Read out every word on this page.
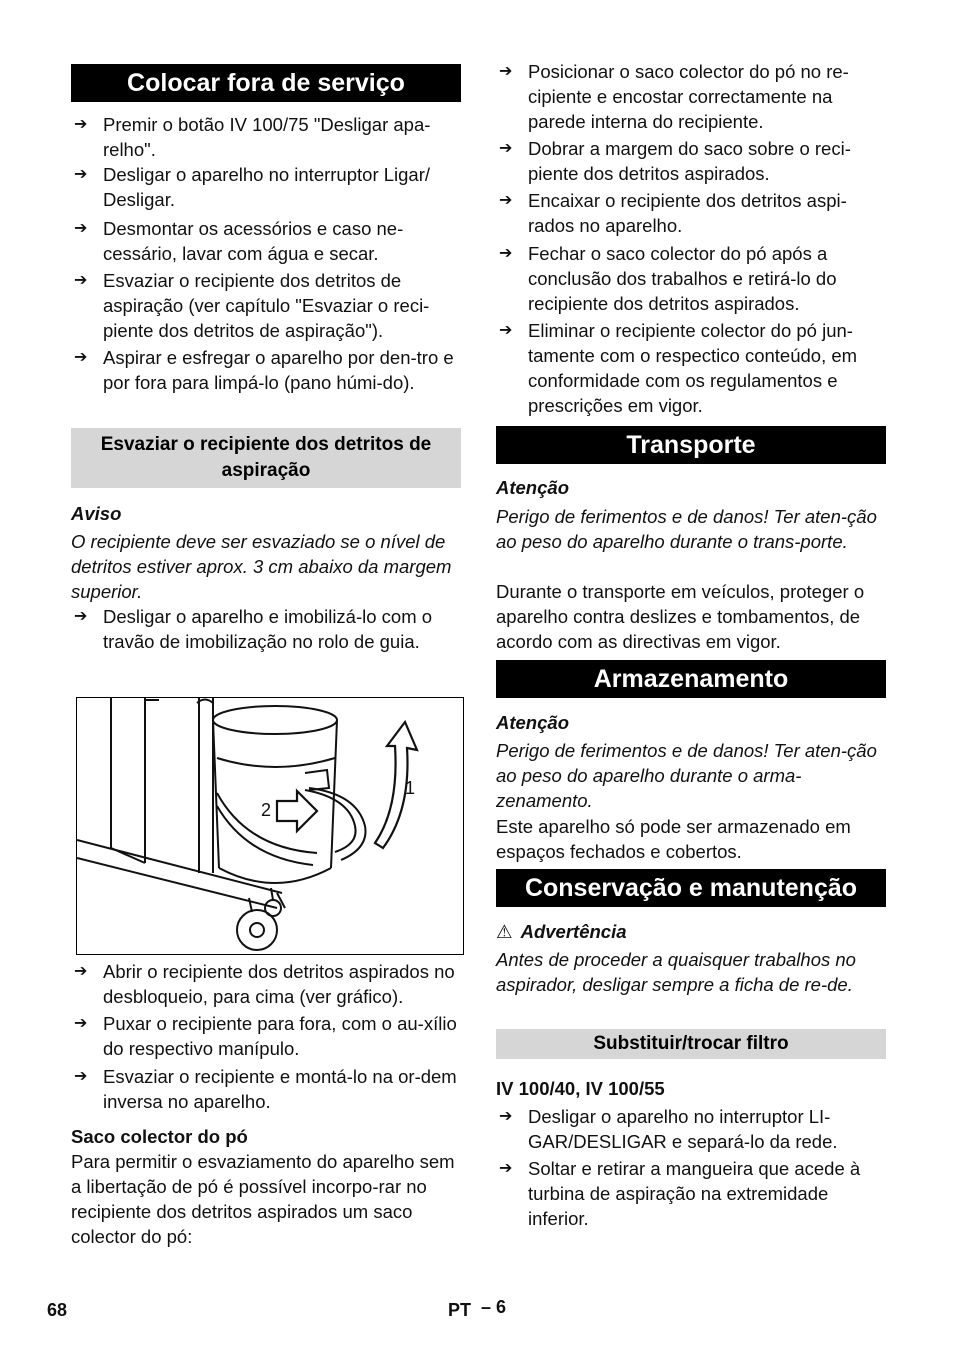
Colocar fora de serviço
➔ Premir o botão IV 100/75 "Desligar apa-relho".
➔ Desligar o aparelho no interruptor Ligar/ Desligar.
➔ Desmontar os acessórios e caso ne-cessário, lavar com água e secar.
➔ Esvaziar o recipiente dos detritos de aspiração (ver capítulo "Esvaziar o reci-piente dos detritos de aspiração").
➔ Aspirar e esfregar o aparelho por den-tro e por fora para limpá-lo (pano húmi-do).
Esvaziar o recipiente dos detritos de aspiração
Aviso
O recipiente deve ser esvaziado se o nível de detritos estiver aprox. 3 cm abaixo da margem superior.
➔ Desligar o aparelho e imobilizá-lo com o travão de imobilização no rolo de guia.
➔ Abrir o recipiente dos detritos aspirados no desbloqueio, para cima (ver gráfico).
➔ Puxar o recipiente para fora, com o au-xílio do respectivo manípulo.
➔ Esvaziar o recipiente e montá-lo na or-dem inversa no aparelho.
Saco colector do pó
Para permitir o esvaziamento do aparelho sem a libertação de pó é possível incorpo-rar no recipiente dos detritos aspirados um saco colector do pó:
1
2
➔ Posicionar o saco colector do pó no re-cipiente e encostar correctamente na parede interna do recipiente.
➔ Dobrar a margem do saco sobre o reci-piente dos detritos aspirados.
➔ Encaixar o recipiente dos detritos aspi-rados no aparelho.
➔ Fechar o saco colector do pó após a conclusão dos trabalhos e retirá-lo do recipiente dos detritos aspirados.
➔ Eliminar o recipiente colector do pó jun-tamente com o respectico conteúdo, em conformidade com os regulamentos e prescrições em vigor.
Transporte
Atenção
Perigo de ferimentos e de danos! Ter aten-ção ao peso do aparelho durante o trans-porte.
Durante o transporte em veículos, proteger o aparelho contra deslizes e tombamentos, de acordo com as directivas em vigor.
Armazenamento
Atenção
Perigo de ferimentos e de danos! Ter aten-ção ao peso do aparelho durante o arma-zenamento.
Este aparelho só pode ser armazenado em espaços fechados e cobertos.
Conservação e manutenção
⚠ Advertência
Antes de proceder a quaisquer trabalhos no aspirador, desligar sempre a ficha de re-de.
Substituir/trocar filtro
IV 100/40, IV 100/55
➔ Desligar o aparelho no interruptor LI-GAR/DESLIGAR e separá-lo da rede.
➔ Soltar e retirar a mangueira que acede à turbina de aspiração na extremidade inferior.
68	PT – 6
